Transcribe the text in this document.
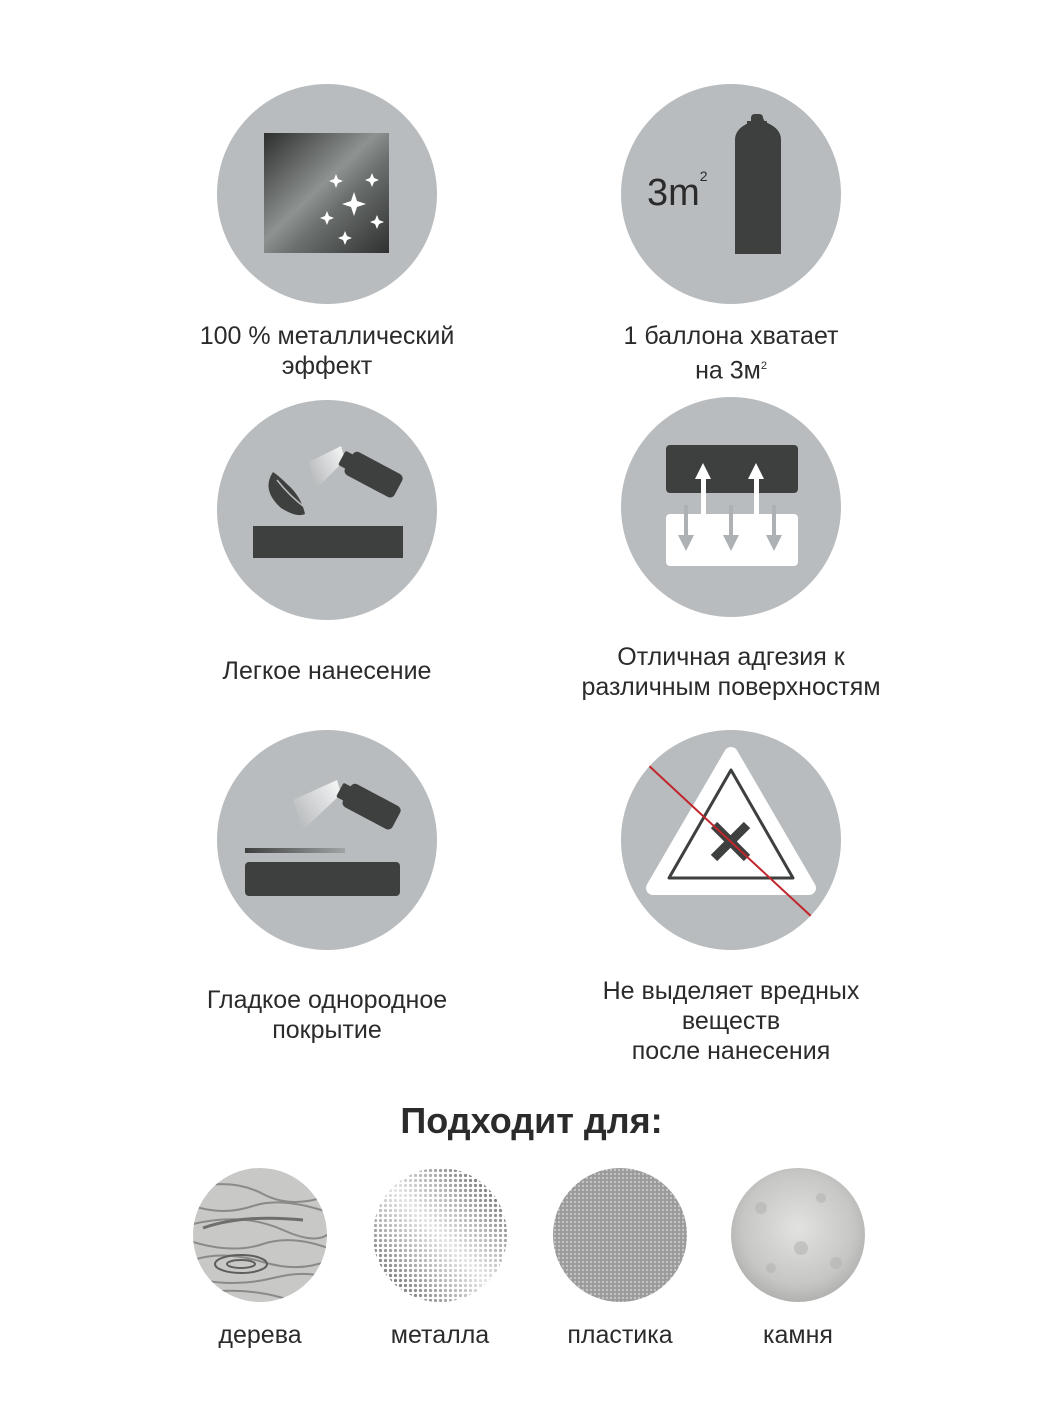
100 % металлический
эффект
$3m^2$
1 баллона хватает
на $3м^2$
Легкое нанесение	Отличная адгезия к
различным поверхностям
Гладкое однородное
покрытие
Не выделяет вредных
веществ
после нанесения
Подходит для:
дерева	металла	пластика	камня
